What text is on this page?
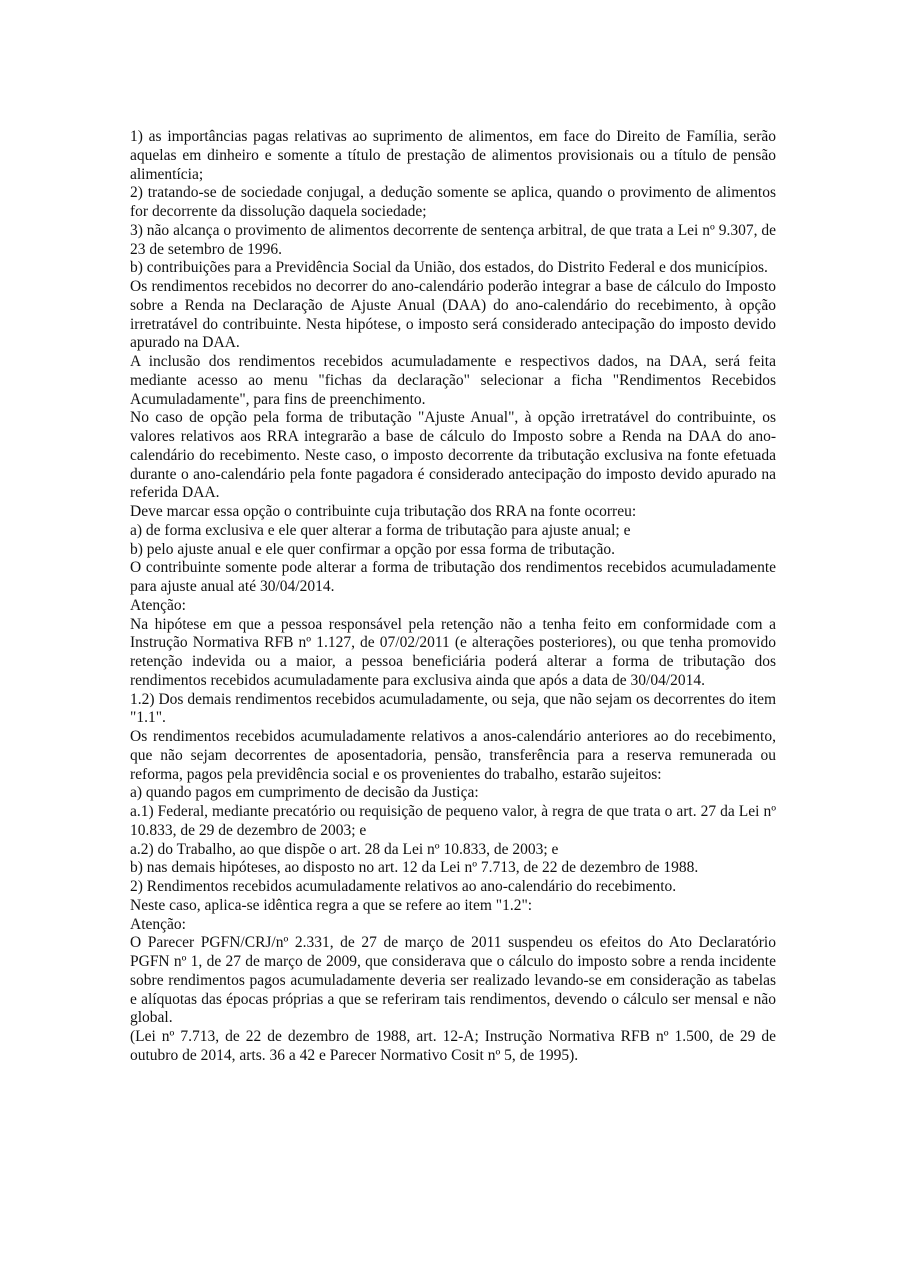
1) as importâncias pagas relativas ao suprimento de alimentos, em face do Direito de Família, serão aquelas em dinheiro e somente a título de prestação de alimentos provisionais ou a título de pensão alimentícia;

2) tratando-se de sociedade conjugal, a dedução somente se aplica, quando o provimento de alimentos for decorrente da dissolução daquela sociedade;

3) não alcança o provimento de alimentos decorrente de sentença arbitral, de que trata a Lei nº 9.307, de 23 de setembro de 1996.

b) contribuições para a Previdência Social da União, dos estados, do Distrito Federal e dos municípios.

Os rendimentos recebidos no decorrer do ano-calendário poderão integrar a base de cálculo do Imposto sobre a Renda na Declaração de Ajuste Anual (DAA) do ano-calendário do recebimento, à opção irretratável do contribuinte. Nesta hipótese, o imposto será considerado antecipação do imposto devido apurado na DAA.

A inclusão dos rendimentos recebidos acumuladamente e respectivos dados, na DAA, será feita mediante acesso ao menu "fichas da declaração" selecionar a ficha "Rendimentos Recebidos Acumuladamente", para fins de preenchimento.

No caso de opção pela forma de tributação "Ajuste Anual", à opção irretratável do contribuinte, os valores relativos aos RRA integrarão a base de cálculo do Imposto sobre a Renda na DAA do ano-calendário do recebimento. Neste caso, o imposto decorrente da tributação exclusiva na fonte efetuada durante o ano-calendário pela fonte pagadora é considerado antecipação do imposto devido apurado na referida DAA.

Deve marcar essa opção o contribuinte cuja tributação dos RRA na fonte ocorreu:

a) de forma exclusiva e ele quer alterar a forma de tributação para ajuste anual; e

b) pelo ajuste anual e ele quer confirmar a opção por essa forma de tributação.

O contribuinte somente pode alterar a forma de tributação dos rendimentos recebidos acumuladamente para ajuste anual até 30/04/2014.

Atenção:

Na hipótese em que a pessoa responsável pela retenção não a tenha feito em conformidade com a Instrução Normativa RFB nº 1.127, de 07/02/2011 (e alterações posteriores), ou que tenha promovido retenção indevida ou a maior, a pessoa beneficiária poderá alterar a forma de tributação dos rendimentos recebidos acumuladamente para exclusiva ainda que após a data de 30/04/2014.

1.2) Dos demais rendimentos recebidos acumuladamente, ou seja, que não sejam os decorrentes do item "1.1".

Os rendimentos recebidos acumuladamente relativos a anos-calendário anteriores ao do recebimento, que não sejam decorrentes de aposentadoria, pensão, transferência para a reserva remunerada ou reforma, pagos pela previdência social e os provenientes do trabalho, estarão sujeitos:

a) quando pagos em cumprimento de decisão da Justiça:

a.1) Federal, mediante precatório ou requisição de pequeno valor, à regra de que trata o art. 27 da Lei nº 10.833, de 29 de dezembro de 2003; e

a.2) do Trabalho, ao que dispõe o art. 28 da Lei nº 10.833, de 2003; e

b) nas demais hipóteses, ao disposto no art. 12 da Lei nº 7.713, de 22 de dezembro de 1988.

2) Rendimentos recebidos acumuladamente relativos ao ano-calendário do recebimento.

Neste caso, aplica-se idêntica regra a que se refere ao item "1.2":

Atenção:

O Parecer PGFN/CRJ/nº 2.331, de 27 de março de 2011 suspendeu os efeitos do Ato Declaratório PGFN nº 1, de 27 de março de 2009, que considerava que o cálculo do imposto sobre a renda incidente sobre rendimentos pagos acumuladamente deveria ser realizado levando-se em consideração as tabelas e alíquotas das épocas próprias a que se referiram tais rendimentos, devendo o cálculo ser mensal e não global.

(Lei nº 7.713, de 22 de dezembro de 1988, art. 12-A; Instrução Normativa RFB nº 1.500, de 29 de outubro de 2014, arts. 36 a 42 e Parecer Normativo Cosit nº 5, de 1995).
